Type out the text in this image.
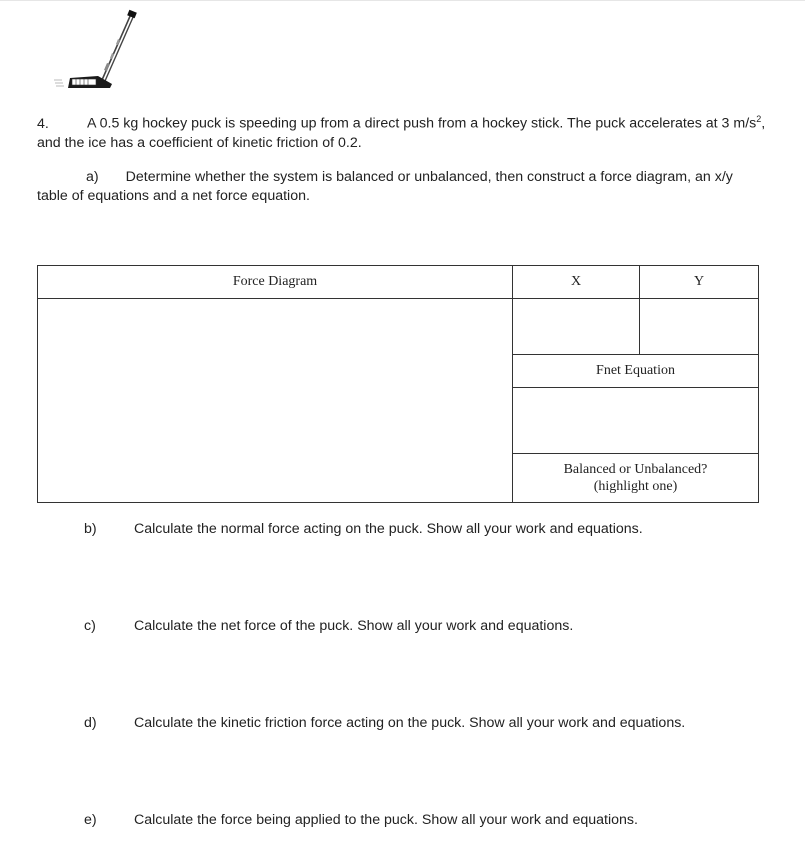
4.	A 0.5 kg hockey puck is speeding up from a direct push from a hockey stick. The puck accelerates at 3 $m/s^2$,
and the ice has a coefficient of kinetic friction of 0.2.

a) Determine whether the system is balanced or unbalanced, then construct a force diagram, an x/y
table of equations and a net force equation.

Force Diagram	X	Y

	Fnet Equation	

	Balanced or Unbalanced?
(highlight one)	
b)	Calculate the normal force acting on the puck. Show all your work and equations.
c)	Calculate the net force of the puck. Show all your work and equations.
d)	Calculate the kinetic friction force acting on the puck. Show all your work and equations.
e)	Calculate the force being applied to the puck. Show all your work and equations.
